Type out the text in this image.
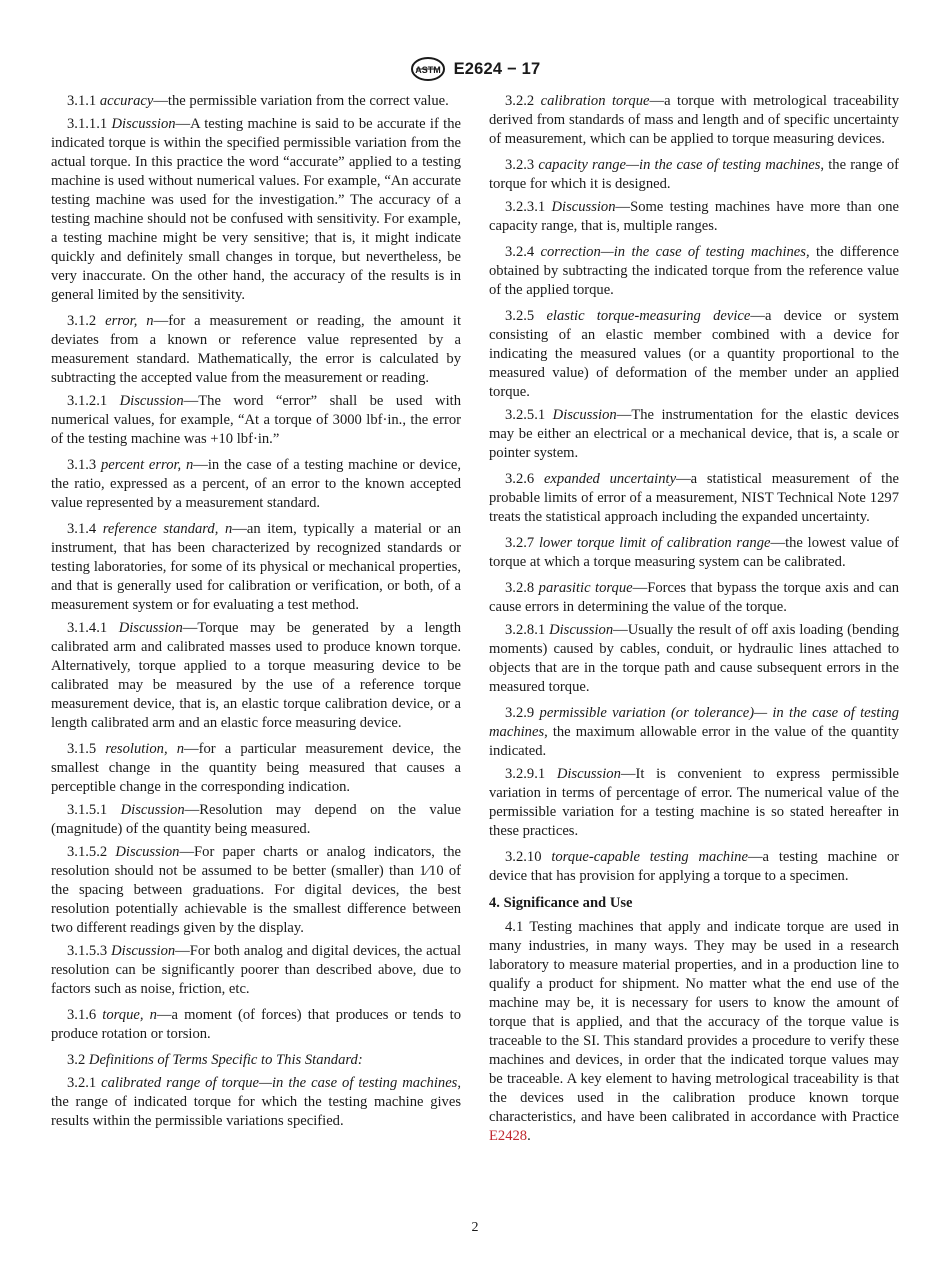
ASTM E2624 − 17

3.1.1 accuracy—the permissible variation from the correct value.

3.1.1.1 Discussion—A testing machine is said to be accurate if the indicated torque is within the specified permissible variation from the actual torque. In this practice the word “accurate” applied to a testing machine is used without numerical values. For example, “An accurate testing machine was used for the investigation.” The accuracy of a testing machine should not be confused with sensitivity. For example, a testing machine might be very sensitive; that is, it might indicate quickly and definitely small changes in torque, but nevertheless, be very inaccurate. On the other hand, the accuracy of the results is in general limited by the sensitivity.

3.1.2 error, n—for a measurement or reading, the amount it deviates from a known or reference value represented by a measurement standard. Mathematically, the error is calculated by subtracting the accepted value from the measurement or reading.

3.1.2.1 Discussion—The word “error” shall be used with numerical values, for example, “At a torque of 3000 lbf·in., the error of the testing machine was +10 lbf·in.”

3.1.3 percent error, n—in the case of a testing machine or device, the ratio, expressed as a percent, of an error to the known accepted value represented by a measurement standard.

3.1.4 reference standard, n—an item, typically a material or an instrument, that has been characterized by recognized standards or testing laboratories, for some of its physical or mechanical properties, and that is generally used for calibration or verification, or both, of a measurement system or for evaluating a test method.

3.1.4.1 Discussion—Torque may be generated by a length calibrated arm and calibrated masses used to produce known torque. Alternatively, torque applied to a torque measuring device to be calibrated may be measured by the use of a reference torque measurement device, that is, an elastic torque calibration device, or a length calibrated arm and an elastic force measuring device.

3.1.5 resolution, n—for a particular measurement device, the smallest change in the quantity being measured that causes a perceptible change in the corresponding indication.

3.1.5.1 Discussion—Resolution may depend on the value (magnitude) of the quantity being measured.

3.1.5.2 Discussion—For paper charts or analog indicators, the resolution should not be assumed to be better (smaller) than 1⁄10 of the spacing between graduations. For digital devices, the best resolution potentially achievable is the smallest difference between two different readings given by the display.

3.1.5.3 Discussion—For both analog and digital devices, the actual resolution can be significantly poorer than described above, due to factors such as noise, friction, etc.

3.1.6 torque, n—a moment (of forces) that produces or tends to produce rotation or torsion.

3.2 Definitions of Terms Specific to This Standard:

3.2.1 calibrated range of torque—in the case of testing machines, the range of indicated torque for which the testing machine gives results within the permissible variations specified.

3.2.2 calibration torque—a torque with metrological traceability derived from standards of mass and length and of specific uncertainty of measurement, which can be applied to torque measuring devices.

3.2.3 capacity range—in the case of testing machines, the range of torque for which it is designed.

3.2.3.1 Discussion—Some testing machines have more than one capacity range, that is, multiple ranges.

3.2.4 correction—in the case of testing machines, the difference obtained by subtracting the indicated torque from the reference value of the applied torque.

3.2.5 elastic torque-measuring device—a device or system consisting of an elastic member combined with a device for indicating the measured values (or a quantity proportional to the measured value) of deformation of the member under an applied torque.

3.2.5.1 Discussion—The instrumentation for the elastic devices may be either an electrical or a mechanical device, that is, a scale or pointer system.

3.2.6 expanded uncertainty—a statistical measurement of the probable limits of error of a measurement, NIST Technical Note 1297 treats the statistical approach including the expanded uncertainty.

3.2.7 lower torque limit of calibration range—the lowest value of torque at which a torque measuring system can be calibrated.

3.2.8 parasitic torque—Forces that bypass the torque axis and can cause errors in determining the value of the torque.

3.2.8.1 Discussion—Usually the result of off axis loading (bending moments) caused by cables, conduit, or hydraulic lines attached to objects that are in the torque path and cause subsequent errors in the measured torque.

3.2.9 permissible variation (or tolerance)— in the case of testing machines, the maximum allowable error in the value of the quantity indicated.

3.2.9.1 Discussion—It is convenient to express permissible variation in terms of percentage of error. The numerical value of the permissible variation for a testing machine is so stated hereafter in these practices.

3.2.10 torque-capable testing machine—a testing machine or device that has provision for applying a torque to a specimen.

4. Significance and Use

4.1 Testing machines that apply and indicate torque are used in many industries, in many ways. They may be used in a research laboratory to measure material properties, and in a production line to qualify a product for shipment. No matter what the end use of the machine may be, it is necessary for users to know the amount of torque that is applied, and that the accuracy of the torque value is traceable to the SI. This standard provides a procedure to verify these machines and devices, in order that the indicated torque values may be traceable. A key element to having metrological traceability is that the devices used in the calibration produce known torque characteristics, and have been calibrated in accordance with Practice E2428.

2
